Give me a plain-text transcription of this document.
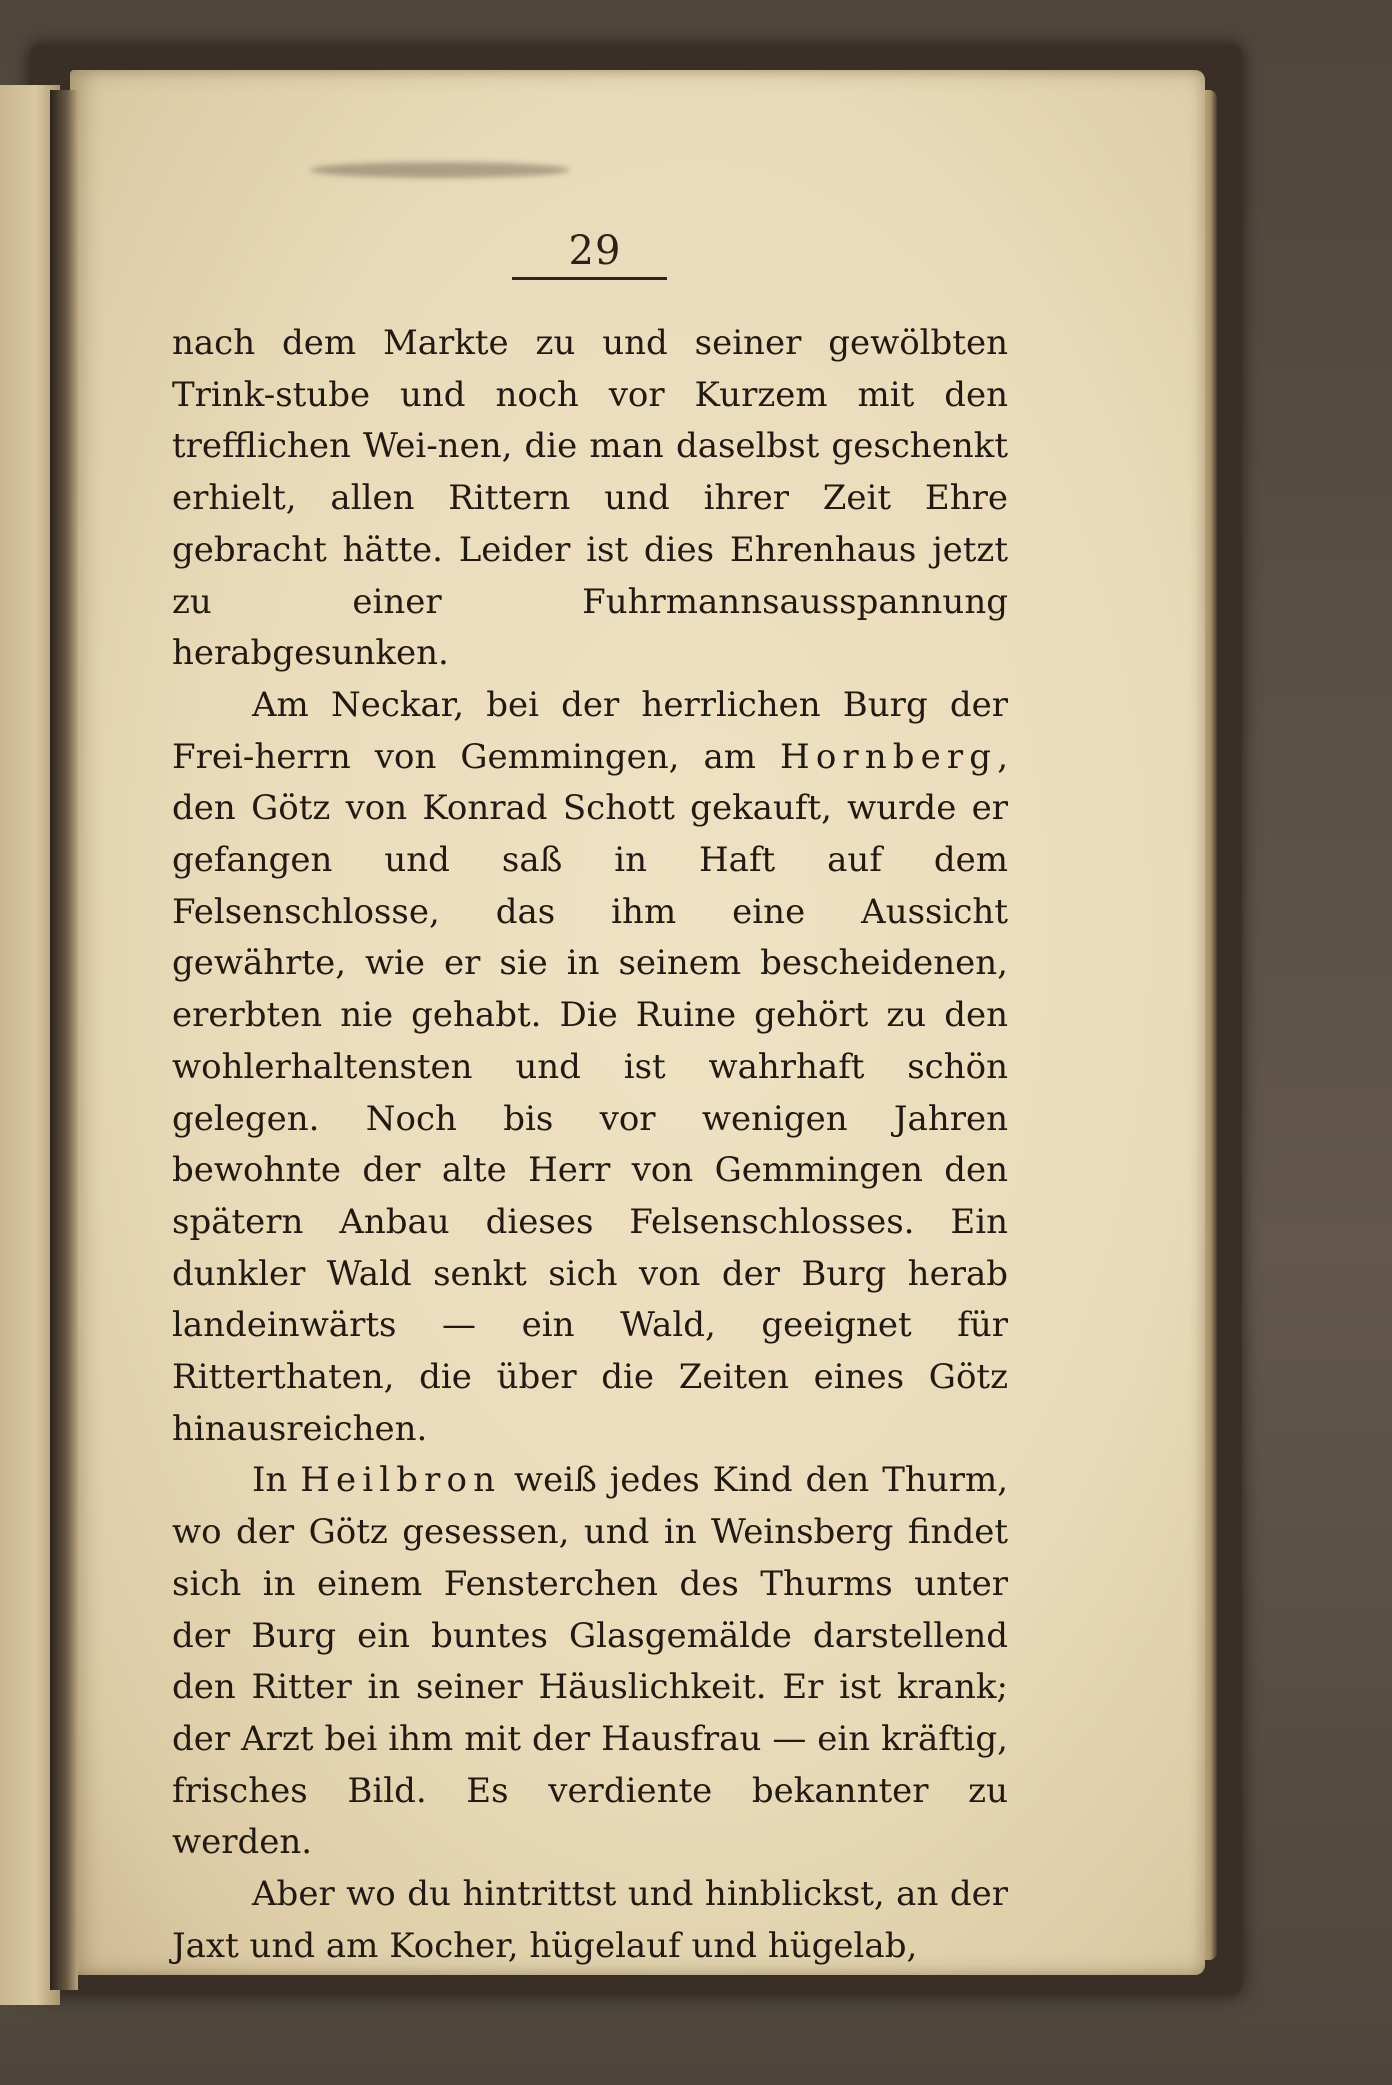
29

nach dem Markte zu und seiner gewölbten Trink-stube und noch vor Kurzem mit den trefflichen Wei-nen, die man daselbst geschenkt erhielt, allen Rittern und ihrer Zeit Ehre gebracht hätte. Leider ist dies Ehrenhaus jetzt zu einer Fuhrmannsausspannung herabgesunken.

Am Neckar, bei der herrlichen Burg der Frei-herrn von Gemmingen, am Hornberg, den Götz von Konrad Schott gekauft, wurde er gefangen und saß in Haft auf dem Felsenschlosse, das ihm eine Aussicht gewährte, wie er sie in seinem bescheidenen, ererbten nie gehabt. Die Ruine gehört zu den wohlerhaltensten und ist wahrhaft schön gelegen. Noch bis vor wenigen Jahren bewohnte der alte Herr von Gemmingen den spätern Anbau dieses Felsenschlosses. Ein dunkler Wald senkt sich von der Burg herab landeinwärts — ein Wald, geeignet für Ritterthaten, die über die Zeiten eines Götz hinausreichen.

In Heilbron weiß jedes Kind den Thurm, wo der Götz gesessen, und in Weinsberg findet sich in einem Fensterchen des Thurms unter der Burg ein buntes Glasgemälde darstellend den Ritter in seiner Häuslichkeit. Er ist krank; der Arzt bei ihm mit der Hausfrau — ein kräftig, frisches Bild. Es verdiente bekannter zu werden.

Aber wo du hintrittst und hinblickst, an der Jaxt und am Kocher, hügelauf und hügelab,
